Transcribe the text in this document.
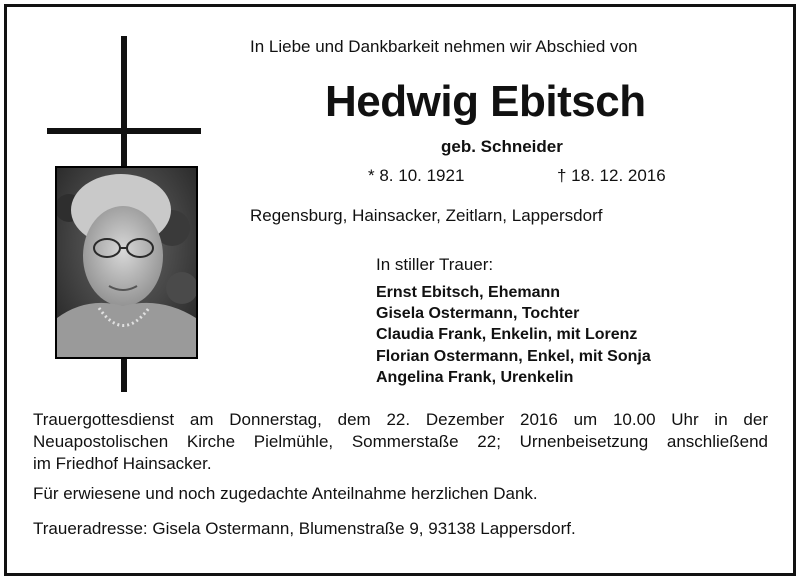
In Liebe und Dankbarkeit nehmen wir Abschied von
Hedwig Ebitsch
geb. Schneider
* 8. 10. 1921	† 18. 12. 2016
Regensburg, Hainsacker, Zeitlarn, Lappersdorf
In stiller Trauer:
Ernst Ebitsch, Ehemann
Gisela Ostermann, Tochter
Claudia Frank, Enkelin, mit Lorenz
Florian Ostermann, Enkel, mit Sonja
Angelina Frank, Urenkelin
Trauergottesdienst am Donnerstag, dem 22. Dezember 2016 um 10.00 Uhr in der
Neuapostolischen Kirche Pielmühle, Sommerstaße 22; Urnenbeisetzung anschließend
im Friedhof Hainsacker.
Für erwiesene und noch zugedachte Anteilnahme herzlichen Dank.
Traueradresse: Gisela Ostermann, Blumenstraße 9, 93138 Lappersdorf.
